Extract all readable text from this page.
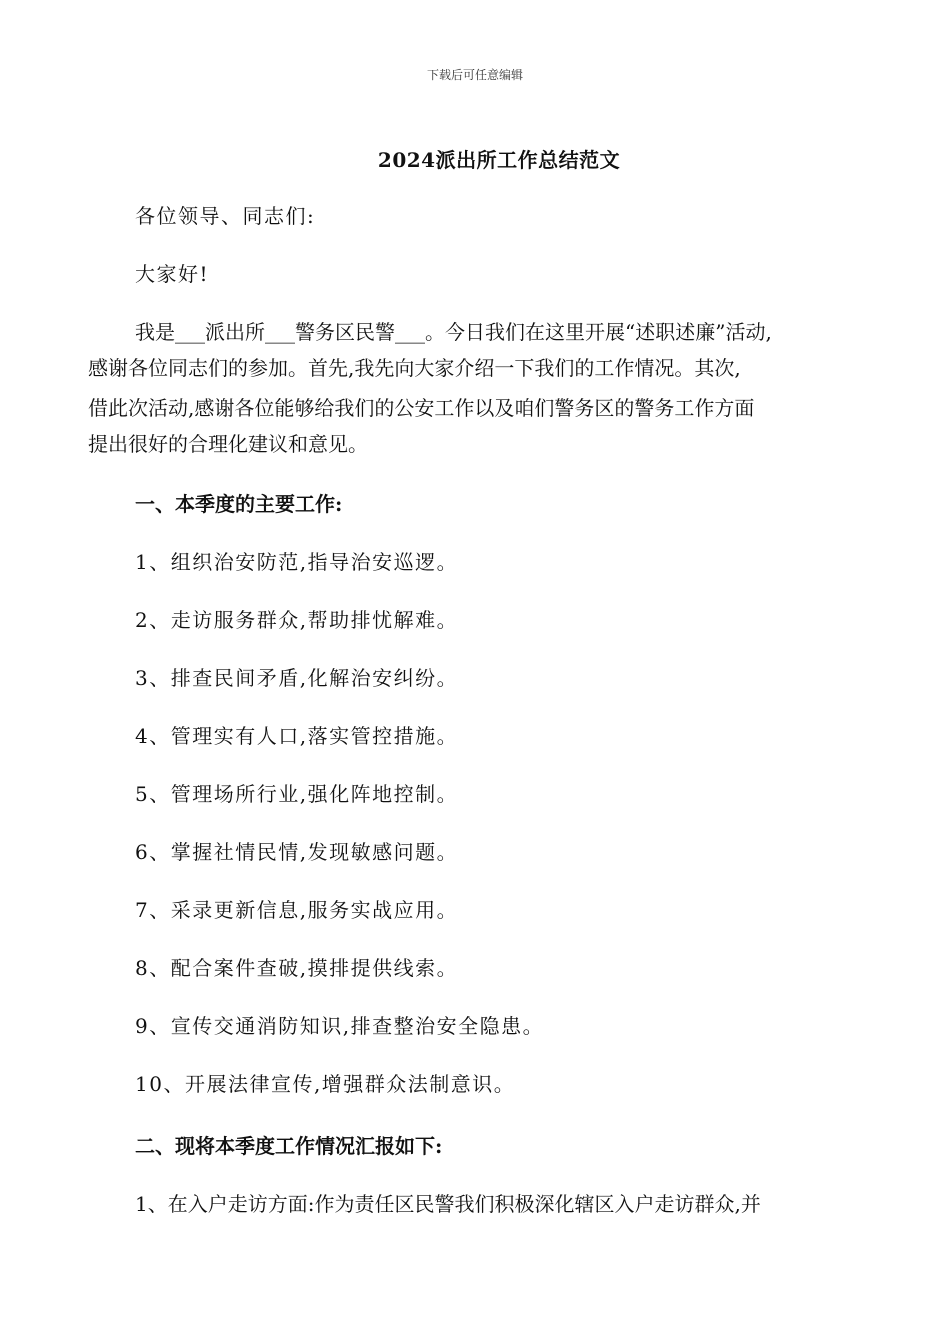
下载后可任意编辑
2024派出所工作总结范文
各位领导、同志们:
大家好!
我是___派出所___警务区民警___。今日我们在这里开展“述职述廉”活动,
感谢各位同志们的参加。首先,我先向大家介绍一下我们的工作情况。其次,
借此次活动,感谢各位能够给我们的公安工作以及咱们警务区的警务工作方面
提出很好的合理化建议和意见。
一、本季度的主要工作:
1、组织治安防范,指导治安巡逻。
2、走访服务群众,帮助排忧解难。
3、排查民间矛盾,化解治安纠纷。
4、管理实有人口,落实管控措施。
5、管理场所行业,强化阵地控制。
6、掌握社情民情,发现敏感问题。
7、采录更新信息,服务实战应用。
8、配合案件查破,摸排提供线索。
9、宣传交通消防知识,排查整治安全隐患。
10、开展法律宣传,增强群众法制意识。
二、现将本季度工作情况汇报如下:
1、在入户走访方面:作为责任区民警我们积极深化辖区入户走访群众,并
